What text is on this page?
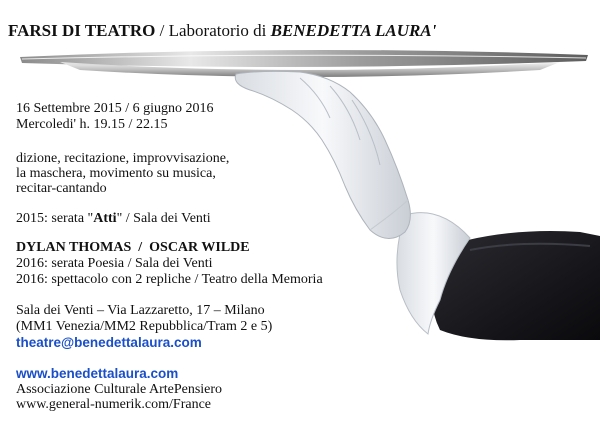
FARSI DI TEATRO / Laboratorio di BENEDETTA LAURA'
16 Settembre 2015 / 6 giugno 2016
Mercoledi' h. 19.15 / 22.15
dizione, recitazione, improvvisazione,
la maschera, movimento su musica,
recitar-cantando
2015: serata "Atti" / Sala dei Venti
DYLAN THOMAS  /  OSCAR WILDE
2016: serata Poesia / Sala dei Venti
2016: spettacolo con 2 repliche / Teatro della Memoria
Sala dei Venti – Via Lazzaretto, 17 – Milano
(MM1 Venezia/MM2 Repubblica/Tram 2 e 5)
theatre@benedettalaura.com
www.benedettalaura.com
Associazione Culturale ArtePensiero
www.general-numerik.com/France
